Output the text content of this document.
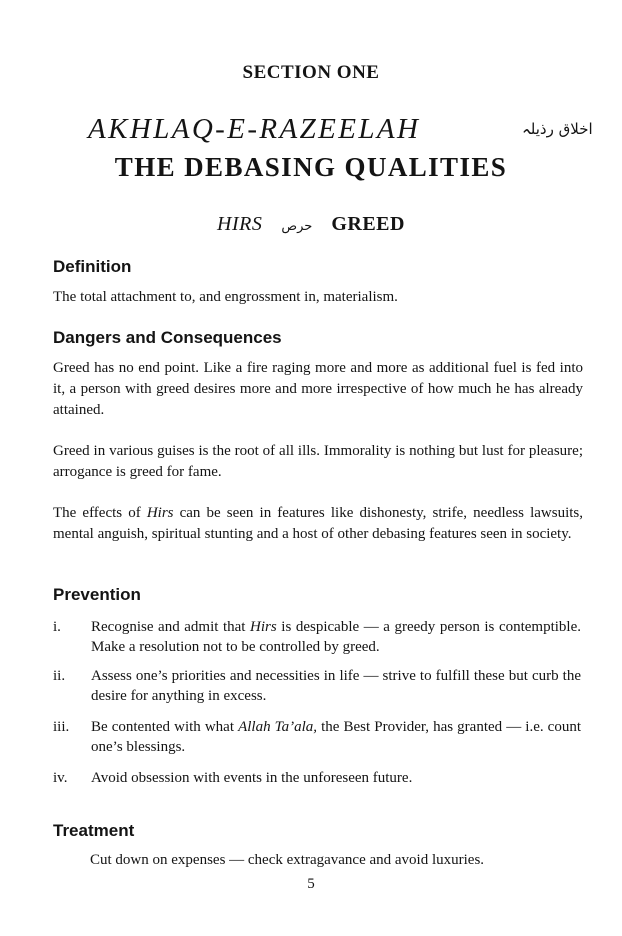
SECTION ONE
AKHLAQ-E-RAZEELAH	اخلاق رذیلہ
THE DEBASING QUALITIES
HIRS حرص GREED
Definition
The total attachment to, and engrossment in, materialism.
Dangers and Consequences
Greed has no end point. Like a fire raging more and more as additional fuel is fed into it, a person with greed desires more and more irrespective of how much he has already attained.
Greed in various guises is the root of all ills. Immorality is nothing but lust for pleasure; arrogance is greed for fame.
The effects of Hirs can be seen in features like dishonesty, strife, needless lawsuits, mental anguish, spiritual stunting and a host of other debasing features seen in society.
Prevention
i. Recognise and admit that Hirs is despicable — a greedy person is contemptible. Make a resolution not to be controlled by greed.
ii. Assess one’s priorities and necessities in life — strive to fulfill these but curb the desire for anything in excess.
iii. Be contented with what Allah Ta’ala, the Best Provider, has granted — i.e. count one’s blessings.
iv. Avoid obsession with events in the unforeseen future.
Treatment
Cut down on expenses — check extragavance and avoid luxuries.
5
